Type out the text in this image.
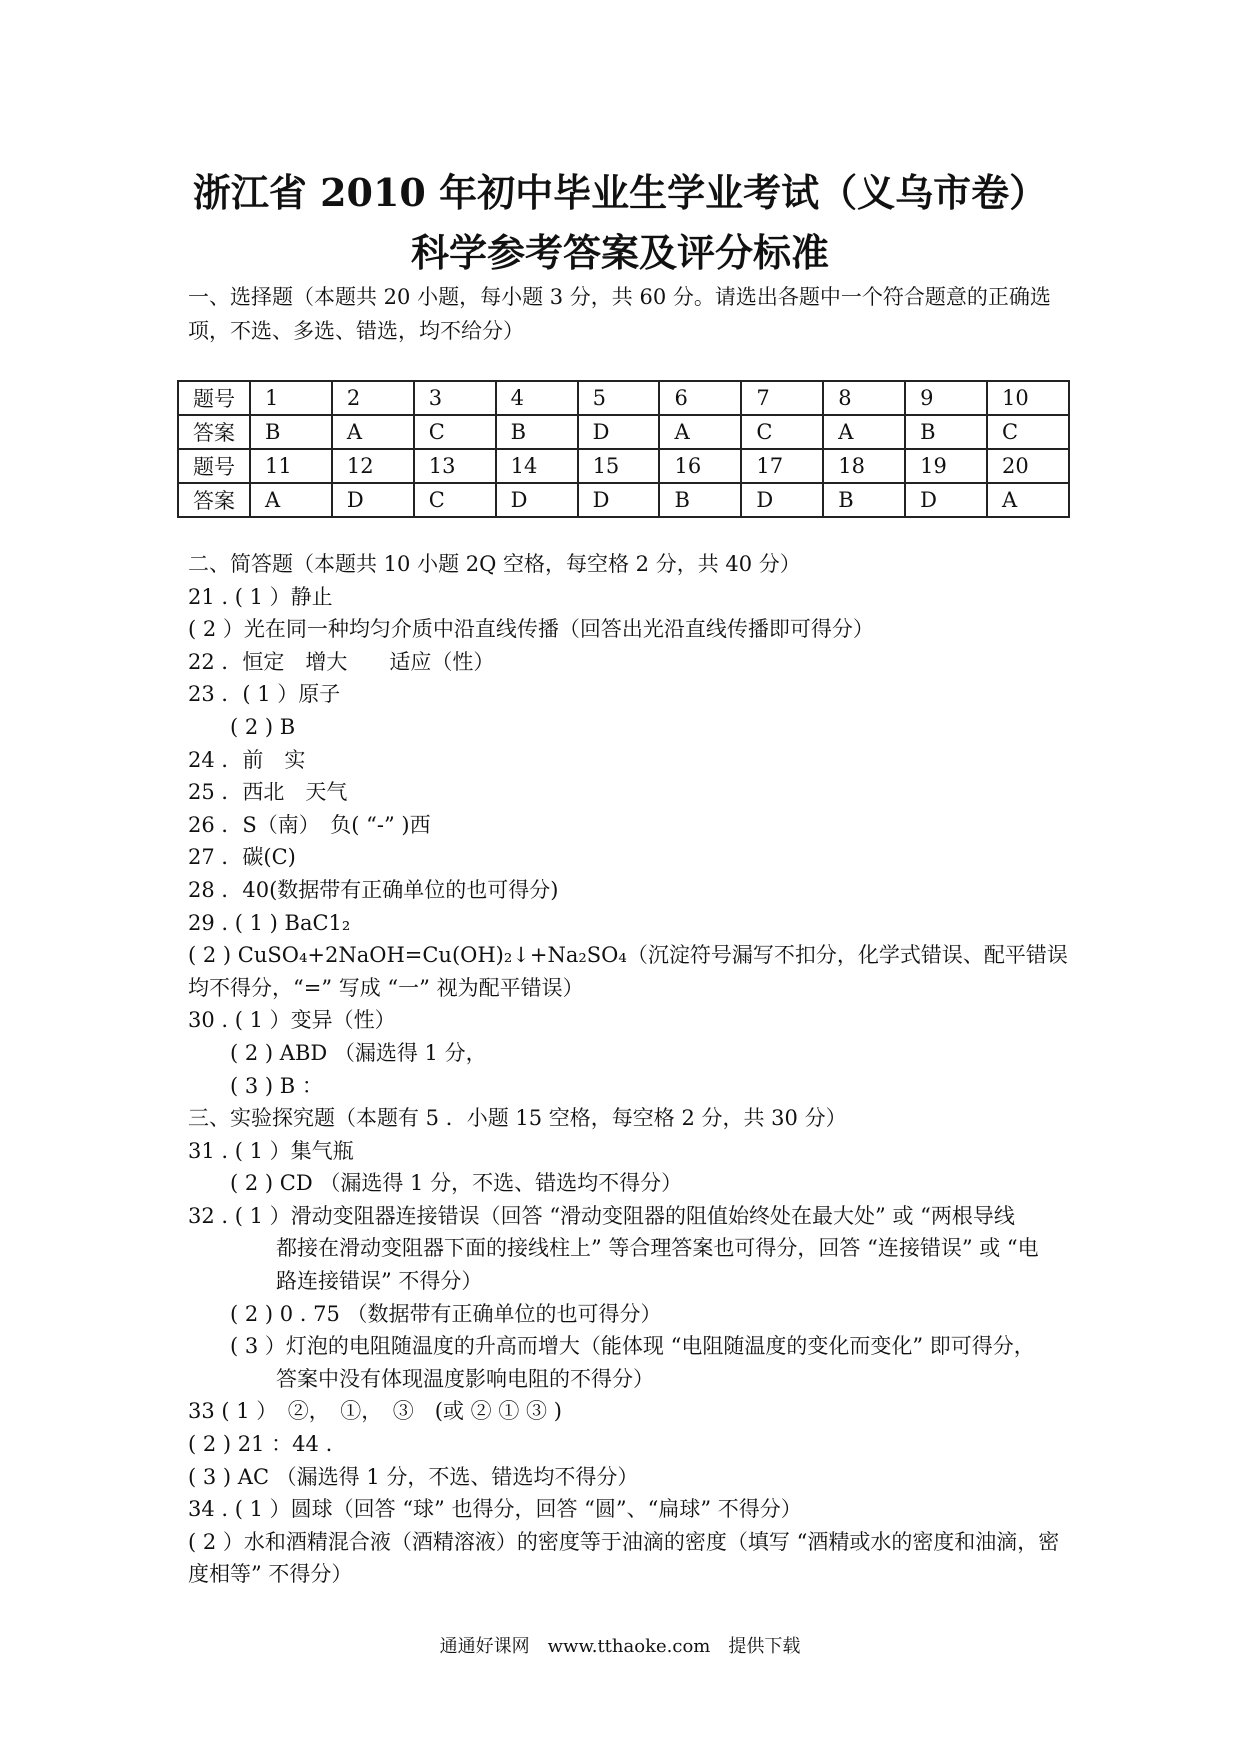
浙江省 2010 年初中毕业生学业考试（义乌市卷）
科学参考答案及评分标准
一、选择题（本题共 20 小题，每小题 3 分，共 60 分。请选出各题中一个符合题意的正确选项，不选、多选、错选，均不给分）
题号	1	2	3	4	5	6	7	8	9	10
答案	B	A	C	B	D	A	C	A	B	C
题号	11	12	13	14	15	16	17	18	19	20
答案	A	D	C	D	D	B	D	B	D	A
二、简答题（本题共 10 小题 2Q 空格，每空格 2 分，共 40 分）
21 . ( 1 ）静止
( 2 ）光在同一种均匀介质中沿直线传播（回答出光沿直线传播即可得分）
22 ．恒定　增大　　适应（性）
23 ．( 1 ）原子
( 2 ) B
24 ．前　实
25 ．西北　天气
26 ．S（南）　负( “-” )西
27 ．碳(C)
28 ．40(数据带有正确单位的也可得分)
29 . ( 1 ) BaC1₂
( 2 ) CuSO₄+2NaOH=Cu(OH)₂↓+Na₂SO₄（沉淀符号漏写不扣分，化学式错误、配平错误均不得分，“=” 写成 “一” 视为配平错误）
30 . ( 1 ）变异（性）
( 2 ) ABD （漏选得 1 分，
( 3 ) B ：
三、实验探究题（本题有 5 ．小题 15 空格，每空格 2 分，共 30 分）
31 . ( 1 ）集气瓶
( 2 ) CD （漏选得 1 分，不选、错选均不得分）
32 . ( 1 ）滑动变阻器连接错误（回答 “滑动变阻器的阻值始终处在最大处” 或 “两根导线
都接在滑动变阻器下面的接线柱上” 等合理答案也可得分，回答 “连接错误” 或 “电
路连接错误” 不得分）
( 2 ) 0 . 75 （数据带有正确单位的也可得分）
( 3 ）灯泡的电阻随温度的升高而增大（能体现 “电阻随温度的变化而变化” 即可得分，
答案中没有体现温度影响电阻的不得分）
33 ( 1 ）　②，　①，　③　(或 ② ① ③ )
( 2 ) 21 ：44 .
( 3 ) AC （漏选得 1 分，不选、错选均不得分）
34 . ( 1 ）圆球（回答 “球” 也得分，回答 “圆”、“扁球” 不得分）
( 2 ）水和酒精混合液（酒精溶液）的密度等于油滴的密度（填写 “酒精或水的密度和油滴，密度相等” 不得分）
通通好课网　www.tthaoke.com　提供下载
